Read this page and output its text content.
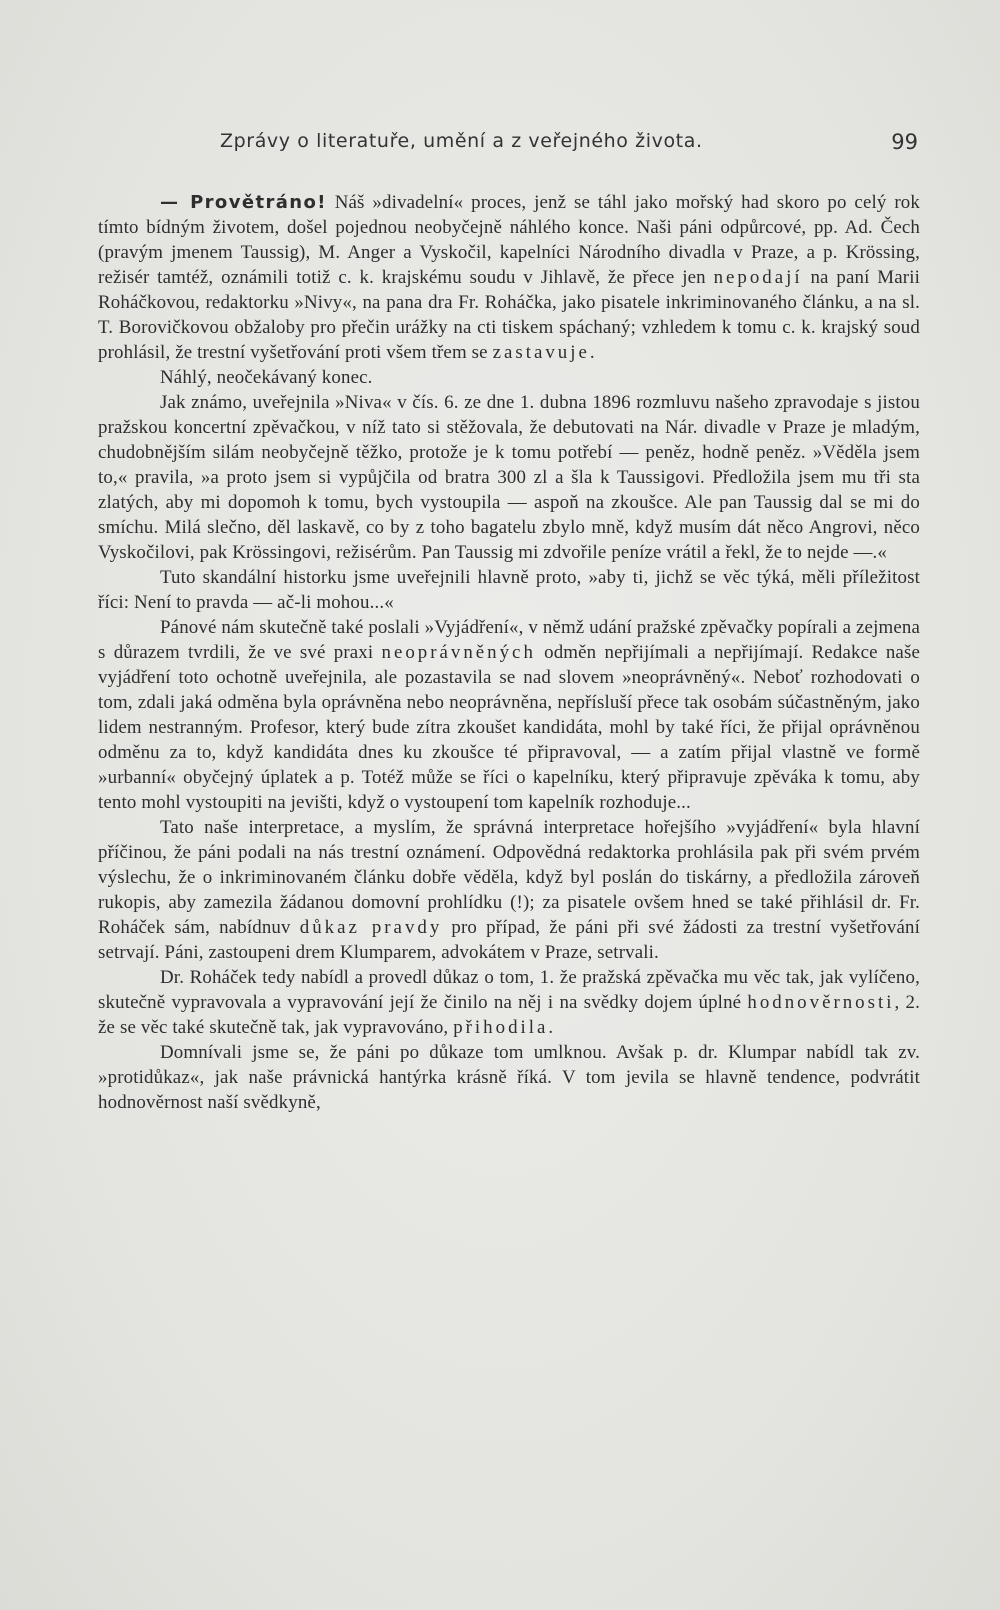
Zprávy o literatuře, umění a z veřejného života.	99

— Provětráno! Náš »divadelní« proces, jenž se táhl jako mořský had skoro po celý rok tímto bídným životem, došel pojednou neobyčejně náhlého konce. Naši páni odpůrcové, pp. Ad. Čech (pravým jmenem Taussig), M. Anger a Vyskočil, kapelníci Národního divadla v Praze, a p. Krössing, režisér tamtéž, oznámili totiž c. k. krajskému soudu v Jihlavě, že přece jen nepodají na paní Marii Roháčkovou, redaktorku »Nivy«, na pana dra Fr. Roháčka, jako pisatele inkriminovaného článku, a na sl. T. Borovičkovou obžaloby pro přečin urážky na cti tiskem spáchaný; vzhledem k tomu c. k. krajský soud prohlásil, že trestní vyšetřování proti všem třem se zastavuje.

Náhlý, neočekávaný konec.

Jak známo, uveřejnila »Niva« v čís. 6. ze dne 1. dubna 1896 rozmluvu našeho zpravodaje s jistou pražskou koncertní zpěvačkou, v níž tato si stěžovala, že debutovati na Nár. divadle v Praze je mladým, chudobnějším silám neobyčejně těžko, protože je k tomu potřebí — peněz, hodně peněz. »Věděla jsem to,« pravila, »a proto jsem si vypůjčila od bratra 300 zl a šla k Taussigovi. Předložila jsem mu tři sta zlatých, aby mi dopomoh k tomu, bych vystoupila — aspoň na zkoušce. Ale pan Taussig dal se mi do smíchu. Milá slečno, děl laskavě, co by z toho bagatelu zbylo mně, když musím dát něco Angrovi, něco Vyskočilovi, pak Krössingovi, režisérům. Pan Taussig mi zdvořile peníze vrátil a řekl, že to nejde —.«

Tuto skandální historku jsme uveřejnili hlavně proto, »aby ti, jichž se věc týká, měli příležitost říci: Není to pravda — ač-li mohou...«

Pánové nám skutečně také poslali »Vyjádření«, v němž udání pražské zpěvačky popírali a zejmena s důrazem tvrdili, že ve své praxi neoprávněných odměn nepřijímali a nepřijímají. Redakce naše vyjádření toto ochotně uveřejnila, ale pozastavila se nad slovem »neoprávněný«. Neboť rozhodovati o tom, zdali jaká odměna byla oprávněna nebo neoprávněna, nepřísluší přece tak osobám súčastněným, jako lidem nestranným. Profesor, který bude zítra zkoušet kandidáta, mohl by také říci, že přijal oprávněnou odměnu za to, když kandidáta dnes ku zkoušce té připravoval, — a zatím přijal vlastně ve formě »urbanní« obyčejný úplatek a p. Totéž může se říci o kapelníku, který připravuje zpěváka k tomu, aby tento mohl vystoupiti na jevišti, když o vystoupení tom kapelník rozhoduje...

Tato naše interpretace, a myslím, že správná interpretace hořejšího »vyjádření« byla hlavní příčinou, že páni podali na nás trestní oznámení. Odpovědná redaktorka prohlásila pak při svém prvém výslechu, že o inkriminovaném článku dobře věděla, když byl poslán do tiskárny, a předložila zároveň rukopis, aby zamezila žádanou domovní prohlídku (!); za pisatele ovšem hned se také přihlásil dr. Fr. Roháček sám, nabídnuv důkaz pravdy pro případ, že páni při své žádosti za trestní vyšetřování setrvají. Páni, zastoupeni drem Klumparem, advokátem v Praze, setrvali.

Dr. Roháček tedy nabídl a provedl důkaz o tom, 1. že pražská zpěvačka mu věc tak, jak vylíčeno, skutečně vypravovala a vypravování její že činilo na něj i na svědky dojem úplné hodnověrnosti, 2. že se věc také skutečně tak, jak vypravováno, přihodila.

Domnívali jsme se, že páni po důkaze tom umlknou. Avšak p. dr. Klumpar nabídl tak zv. »protidůkaz«, jak naše právnická hantýrka krásně říká. V tom jevila se hlavně tendence, podvrátit hodnověrnost naší svědkyně,
